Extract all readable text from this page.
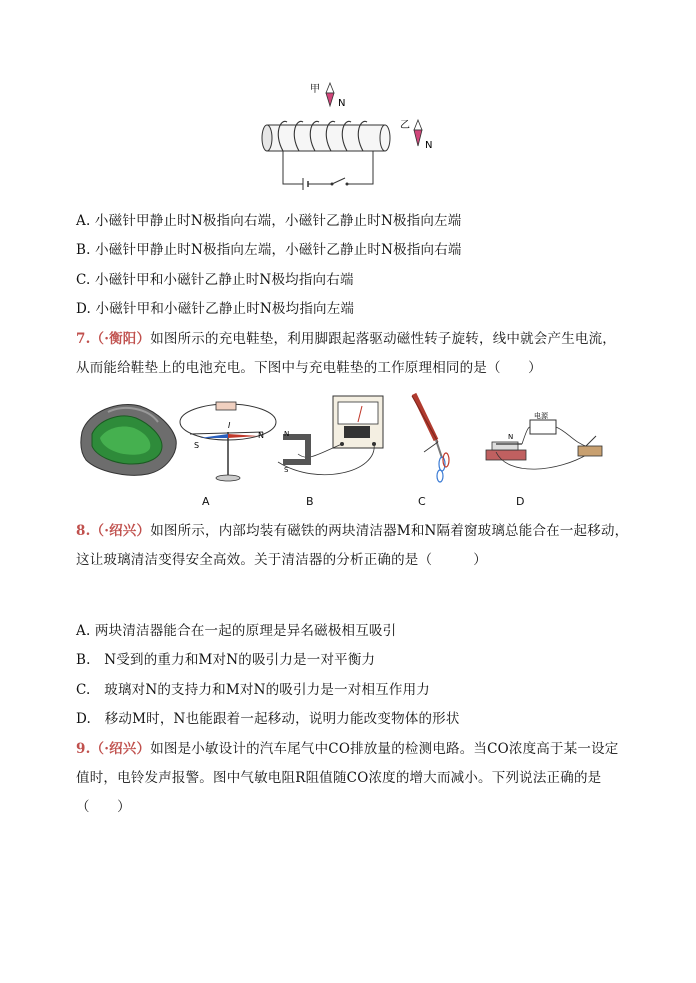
甲
N
乙
N
A. 小磁针甲静止时N极指向右端，小磁针乙静止时N极指向左端
B. 小磁针甲静止时N极指向左端，小磁针乙静止时N极指向右端
C. 小磁针甲和小磁针乙静止时N极均指向右端
D. 小磁针甲和小磁针乙静止时N极均指向左端
7.（·衡阳）如图所示的充电鞋垫，利用脚跟起落驱动磁性转子旋转，线中就会产生电流，
从而能给鞋垫上的电池充电。下图中与充电鞋垫的工作原理相同的是（　　）
S
N
I
N
S
电源
N
A	B	C	D
8.（·绍兴）如图所示，内部均装有磁铁的两块清洁器M和N隔着窗玻璃总能合在一起移动，
这让玻璃清洁变得安全高效。关于清洁器的分析正确的是（　　　）
A. 两块清洁器能合在一起的原理是异名磁极相互吸引
B.　N受到的重力和M对N的吸引力是一对平衡力
C.　玻璃对N的支持力和M对N的吸引力是一对相互作用力
D.　移动M时，N也能跟着一起移动，说明力能改变物体的形状
9.（·绍兴）如图是小敏设计的汽车尾气中CO排放量的检测电路。当CO浓度高于某一设定
值时，电铃发声报警。图中气敏电阻R阻值随CO浓度的增大而减小。下列说法正确的是
（　　）
